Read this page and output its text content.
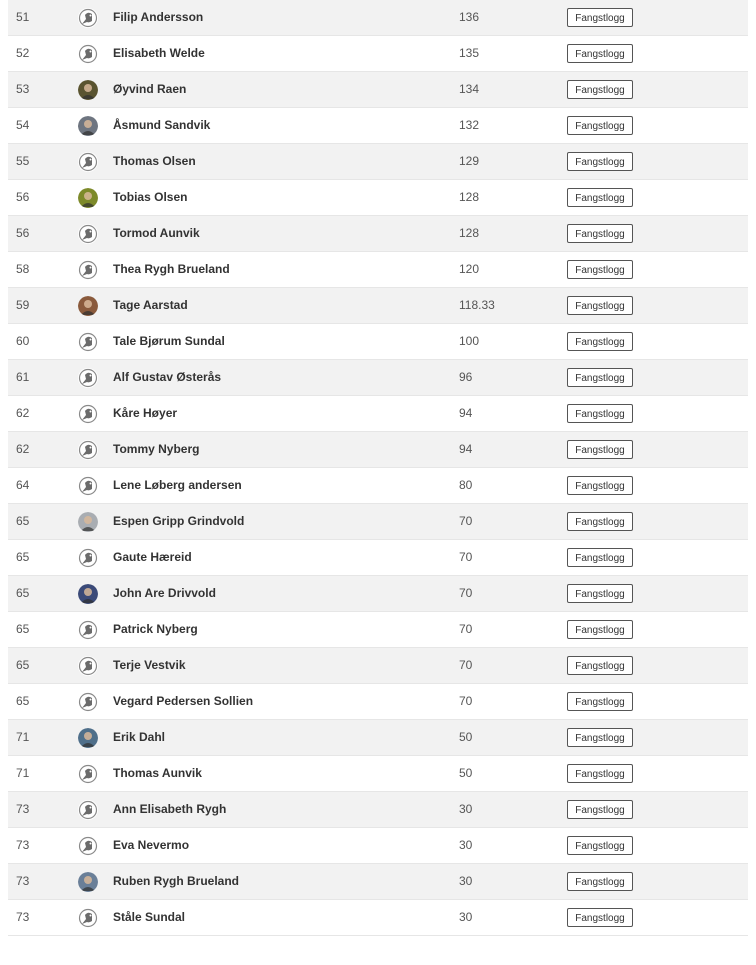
51	Filip Andersson	136	Fangstlogg
52	Elisabeth Welde	135	Fangstlogg
53	Øyvind Raen	134	Fangstlogg
54	Åsmund Sandvik	132	Fangstlogg
55	Thomas Olsen	129	Fangstlogg
56	Tobias Olsen	128	Fangstlogg
56	Tormod Aunvik	128	Fangstlogg
58	Thea Rygh Brueland	120	Fangstlogg
59	Tage Aarstad	118.33	Fangstlogg
60	Tale Bjørum Sundal	100	Fangstlogg
61	Alf Gustav Østerås	96	Fangstlogg
62	Kåre Høyer	94	Fangstlogg
62	Tommy Nyberg	94	Fangstlogg
64	Lene Løberg andersen	80	Fangstlogg
65	Espen Gripp Grindvold	70	Fangstlogg
65	Gaute Hæreid	70	Fangstlogg
65	John Are Drivvold	70	Fangstlogg
65	Patrick Nyberg	70	Fangstlogg
65	Terje Vestvik	70	Fangstlogg
65	Vegard Pedersen Sollien	70	Fangstlogg
71	Erik Dahl	50	Fangstlogg
71	Thomas Aunvik	50	Fangstlogg
73	Ann Elisabeth Rygh	30	Fangstlogg
73	Eva Nevermo	30	Fangstlogg
73	Ruben Rygh Brueland	30	Fangstlogg
73	Ståle Sundal	30	Fangstlogg
